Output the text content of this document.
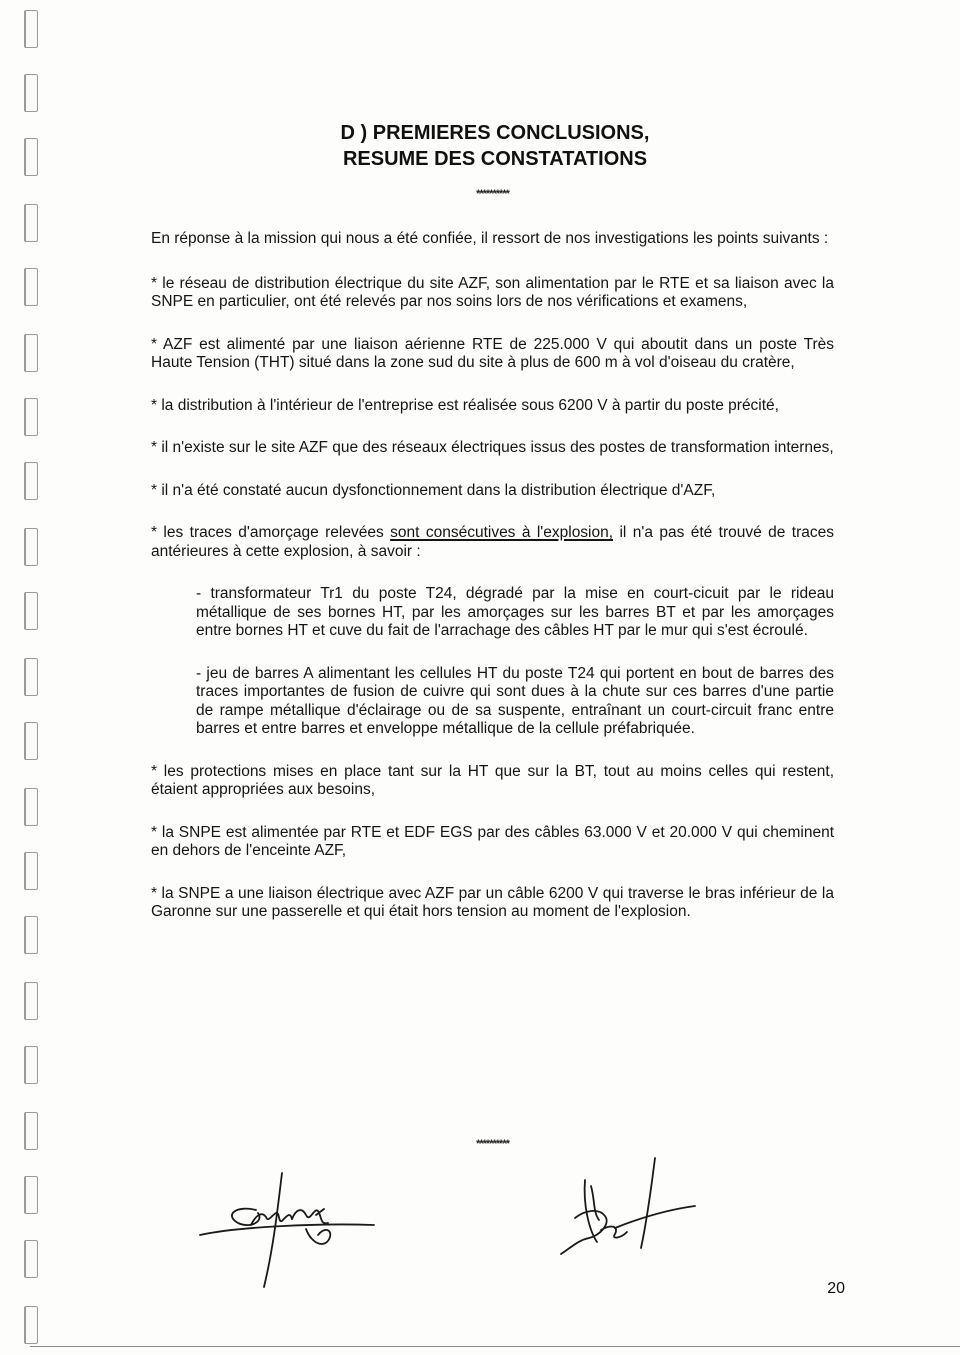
D ) PREMIERES CONCLUSIONS,
RESUME DES CONSTATATIONS
**********

En réponse à la mission qui nous a été confiée, il ressort de nos investigations les points suivants :

* le réseau de distribution électrique du site AZF, son alimentation par le RTE et sa liaison avec la SNPE en particulier, ont été relevés par nos soins lors de nos vérifications et examens,

* AZF est alimenté par une liaison aérienne RTE de 225.000 V qui aboutit dans un poste Très Haute Tension (THT) situé dans la zone sud du site à plus de 600 m à vol d'oiseau du cratère,

* la distribution à l'intérieur de l'entreprise est réalisée sous 6200 V à partir du poste précité,

* il n'existe sur le site AZF que des réseaux électriques issus des postes de transformation internes,

* il n'a été constaté aucun dysfonctionnement dans la distribution électrique d'AZF,

* les traces d'amorçage relevées sont consécutives à l'explosion, il n'a pas été trouvé de traces antérieures à cette explosion, à savoir :

- transformateur Tr1 du poste T24, dégradé par la mise en court-cicuit par le rideau métallique de ses bornes HT, par les amorçages sur les barres BT et par les amorçages entre bornes HT et cuve du fait de l'arrachage des câbles HT par le mur qui s'est écroulé.

- jeu de barres A alimentant les cellules HT du poste T24 qui portent en bout de barres des traces importantes de fusion de cuivre qui sont dues à la chute sur ces barres d'une partie de rampe métallique d'éclairage ou de sa suspente, entraînant un court-circuit franc entre barres et entre barres et enveloppe métallique de la cellule préfabriquée.

* les protections mises en place tant sur la HT que sur la BT, tout au moins celles qui restent, étaient appropriées aux besoins,

* la SNPE est alimentée par RTE et EDF EGS par des câbles 63.000 V et 20.000 V qui cheminent en dehors de l'enceinte AZF,

* la SNPE a une liaison électrique avec AZF par un câble 6200 V qui traverse le bras inférieur de la Garonne sur une passerelle et qui était hors tension au moment de l'explosion.

**********
20
